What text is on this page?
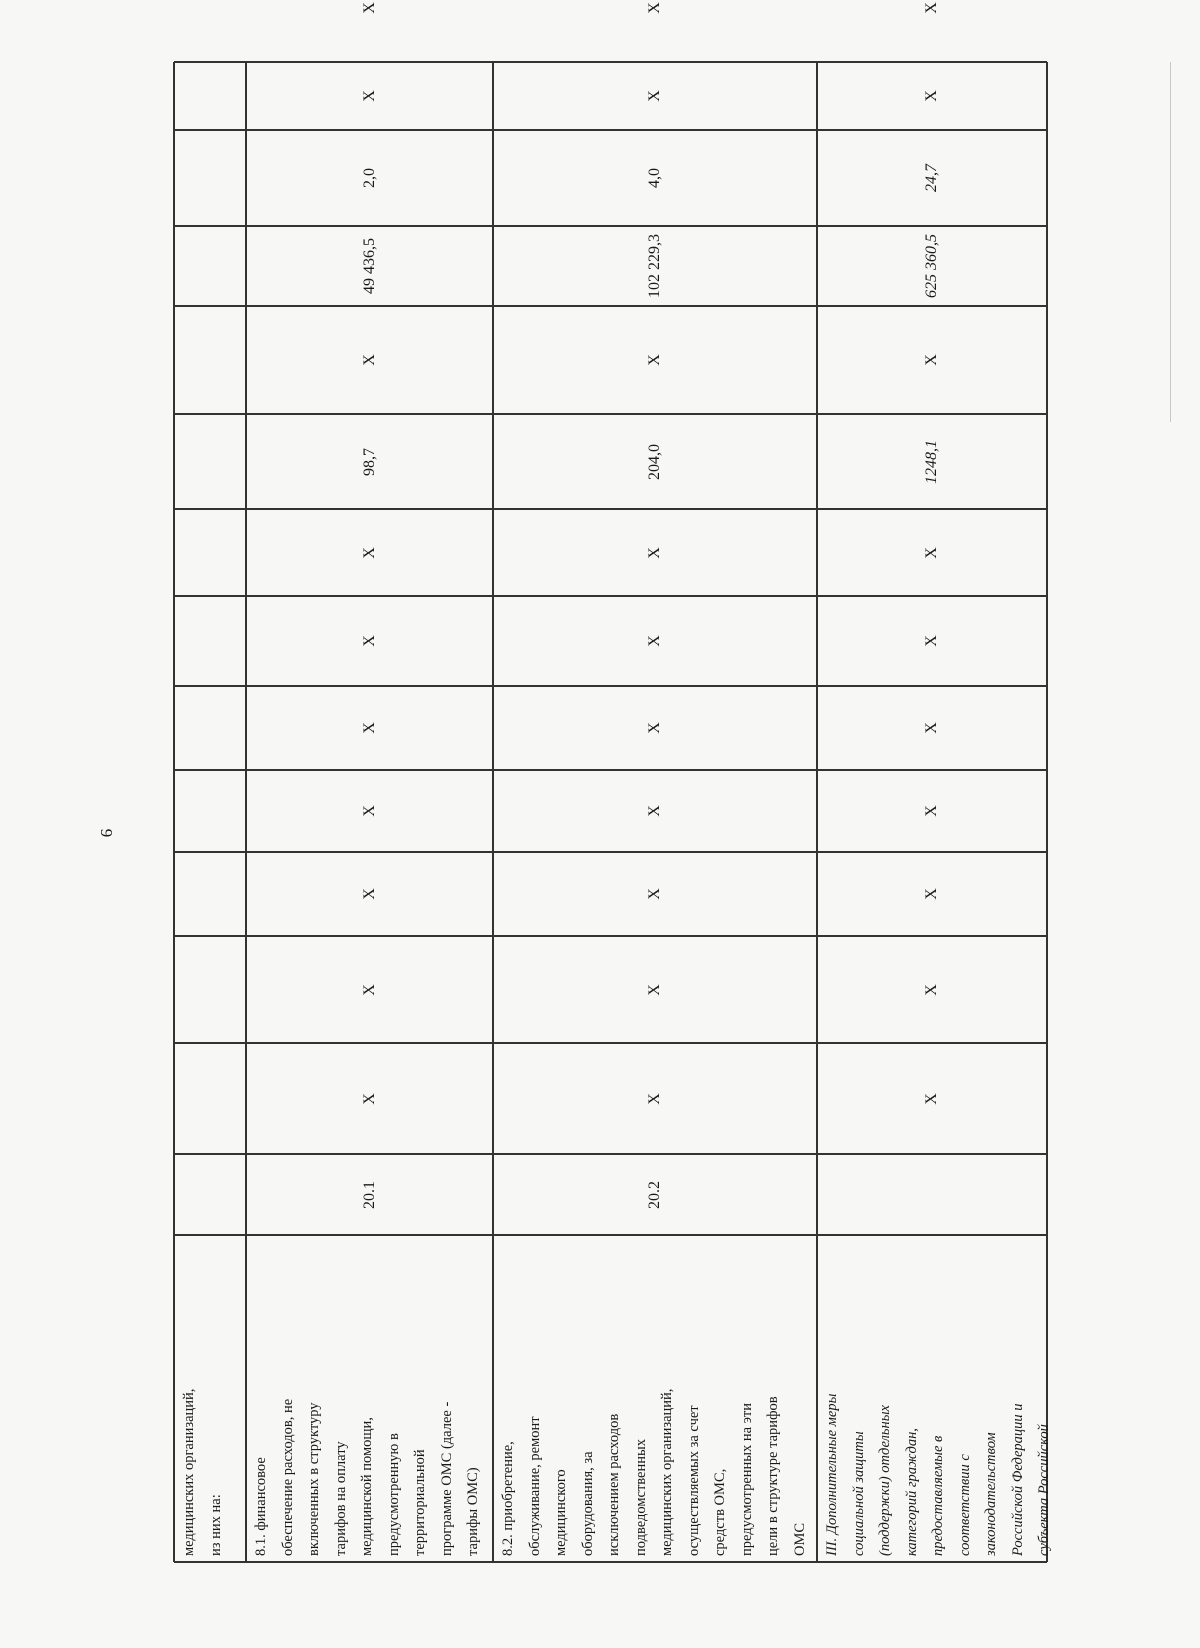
9
медицинских организаций,
из них на:
8.1. финансовое
обеспечение расходов, не
включенных в структуру
тарифов на оплату
медицинской помощи,
предусмотренную в
территориальной
программе ОМС (далее -
тарифы ОМС)
20.1
X
X
X
X
X
X
X
98,7
X
49 436,5
2,0
X
X
8.2. приобретение,
обслуживание, ремонт
медицинского
оборудования, за
исключением расходов
подведомственных
медицинских организаций,
осуществляемых за счет
средств ОМС,
предусмотренных на эти
цели в структуре тарифов
ОМС
20.2
X
X
X
X
X
X
X
204,0
X
102 229,3
4,0
X
X
III. Дополнительные меры
социальной защиты
(поддержки) отдельных
категорий граждан,
предоставляемые в
соответствии с
законодательством
Российской Федерации и
субъекта Российской
X
X
X
X
X
X
X
1248,1
X
625 360,5
24,7
X
X
